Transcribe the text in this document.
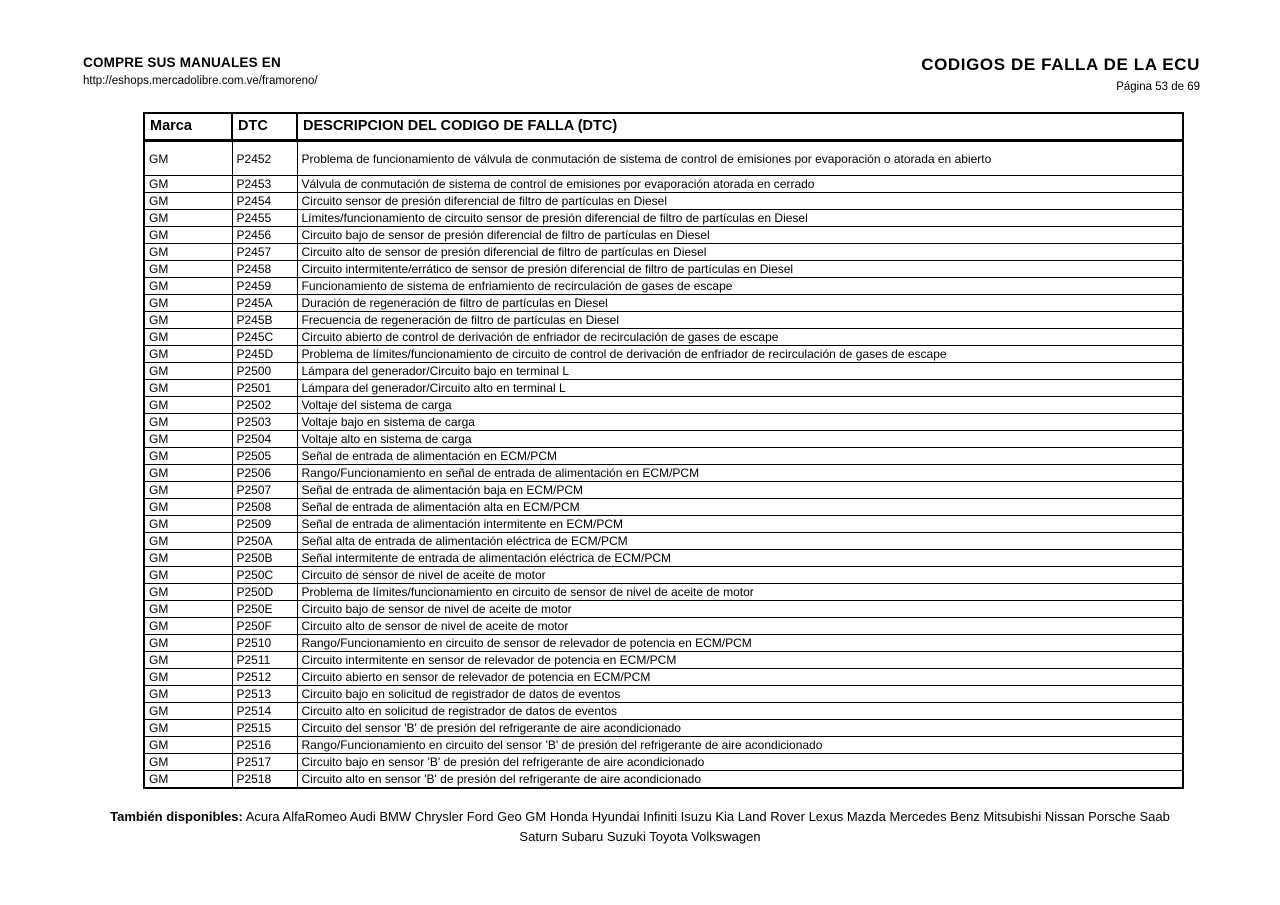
COMPRE SUS MANUALES EN
http://eshops.mercadolibre.com.ve/framoreno/
CODIGOS DE FALLA DE LA ECU
Página 53 de 69
Marca	DTC	DESCRIPCION DEL CODIGO DE FALLA (DTC)
GM	P2452	Problema de funcionamiento de válvula de conmutación de sistema de control de emisiones por evaporación o atorada en abierto
GM	P2453	Válvula de conmutación de sistema de control de emisiones por evaporación atorada en cerrado
GM	P2454	Circuito sensor de presión diferencial de filtro de partículas en Diesel
GM	P2455	Límites/funcionamiento de circuito sensor de presión diferencial de filtro de partículas en Diesel
GM	P2456	Circuito bajo de sensor de presión diferencial de filtro de partículas en Diesel
GM	P2457	Circuito alto de sensor de presión diferencial de filtro de partículas en Diesel
GM	P2458	Circuito intermitente/errático de sensor de presión diferencial de filtro de partículas en Diesel
GM	P2459	Funcionamiento de sistema de enfriamiento de recirculación de gases de escape
GM	P245A	Duración de regeneración de filtro de partículas en Diesel
GM	P245B	Frecuencia de regeneración de filtro de partículas en Diesel
GM	P245C	Circuito abierto de control de derivación de enfriador de recirculación de gases de escape
GM	P245D	Problema de límites/funcionamiento de circuito de control de derivación de enfriador de recirculación de gases de escape
GM	P2500	Lámpara del generador/Circuito bajo en terminal L
GM	P2501	Lámpara del generador/Circuito alto en terminal L
GM	P2502	Voltaje del sistema de carga
GM	P2503	Voltaje bajo en sistema de carga
GM	P2504	Voltaje alto en sistema de carga
GM	P2505	Señal de entrada de alimentación en ECM/PCM
GM	P2506	Rango/Funcionamiento en señal de entrada de alimentación en ECM/PCM
GM	P2507	Señal de entrada de alimentación baja en ECM/PCM
GM	P2508	Señal de entrada de alimentación alta en ECM/PCM
GM	P2509	Señal de entrada de alimentación intermitente en ECM/PCM
GM	P250A	Señal alta de entrada de alimentación eléctrica de ECM/PCM
GM	P250B	Señal intermitente de entrada de alimentación eléctrica de ECM/PCM
GM	P250C	Circuito de sensor de nivel de aceite de motor
GM	P250D	Problema de límites/funcionamiento en circuito de sensor de nivel de aceite de motor
GM	P250E	Circuito bajo de sensor de nivel de aceite de motor
GM	P250F	Circuito alto de sensor de nivel de aceite de motor
GM	P2510	Rango/Funcionamiento en circuito de sensor de relevador de potencia en ECM/PCM
GM	P2511	Circuito intermitente en sensor de relevador de potencia en ECM/PCM
GM	P2512	Circuito abierto en sensor de relevador de potencia en ECM/PCM
GM	P2513	Circuito bajo en solicitud de registrador de datos de eventos
GM	P2514	Circuito alto en solicitud de registrador de datos de eventos
GM	P2515	Circuito del sensor 'B' de presión del refrigerante de aire acondicionado
GM	P2516	Rango/Funcionamiento en circuito del sensor 'B' de presión del refrigerante de aire acondicionado
GM	P2517	Circuito bajo en sensor 'B' de presión del refrigerante de aire acondicionado
GM	P2518	Circuito alto en sensor 'B' de presión del refrigerante de aire acondicionado
También disponibles: Acura AlfaRomeo Audi BMW Chrysler Ford Geo GM Honda Hyundai Infiniti Isuzu Kia Land Rover Lexus Mazda Mercedes Benz Mitsubishi Nissan Porsche Saab Saturn Subaru Suzuki Toyota Volkswagen
